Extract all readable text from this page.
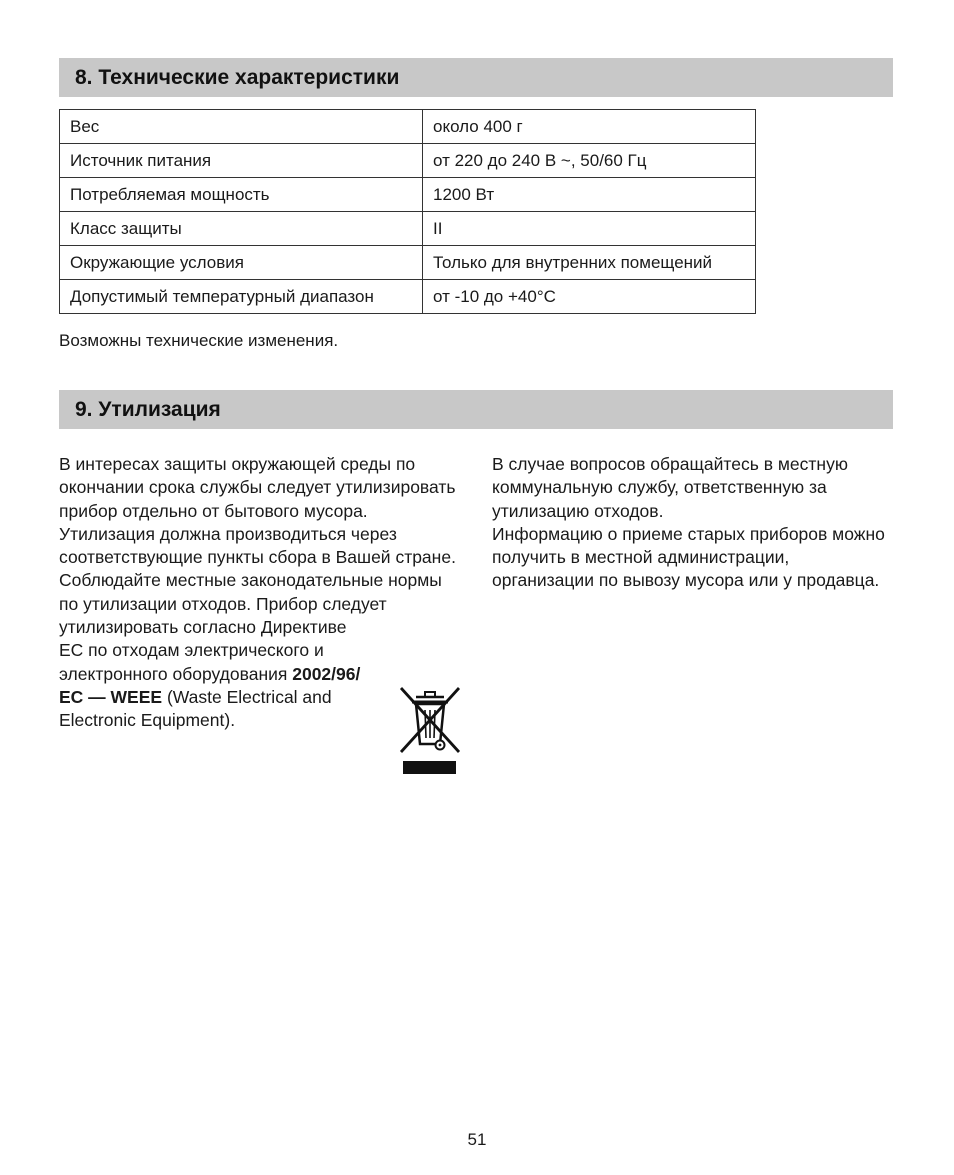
8. Технические характеристики
Вес	около 400 г
Источник питания	от 220 до 240 В ~, 50/60 Гц
Потребляемая мощность	1200 Вт
Класс защиты	II
Окружающие условия	Только для внутренних помещений
Допустимый температурный диапазон	от -10 до +40°C
Возможны технические изменения.
9. Утилизация

В интересах защиты окружающей среды по окончании срока службы следует утилизировать прибор отдельно от бытового мусора.

Утилизация должна производиться через соответствующие пункты сбора в Вашей стране.

Соблюдайте местные законодательные нормы по утилизации отходов. Прибор следует утилизировать согласно Директиве
ЕС по отходам электрического и
электронного оборудования 2002/96/
EC — WEEE (Waste Electrical and
Electronic Equipment).

В случае вопросов обращайтесь в местную коммунальную службу, ответственную за утилизацию отходов.

Информацию о приеме старых приборов можно получить в местной администрации, организации по вывозу мусора или у продавца.

51
